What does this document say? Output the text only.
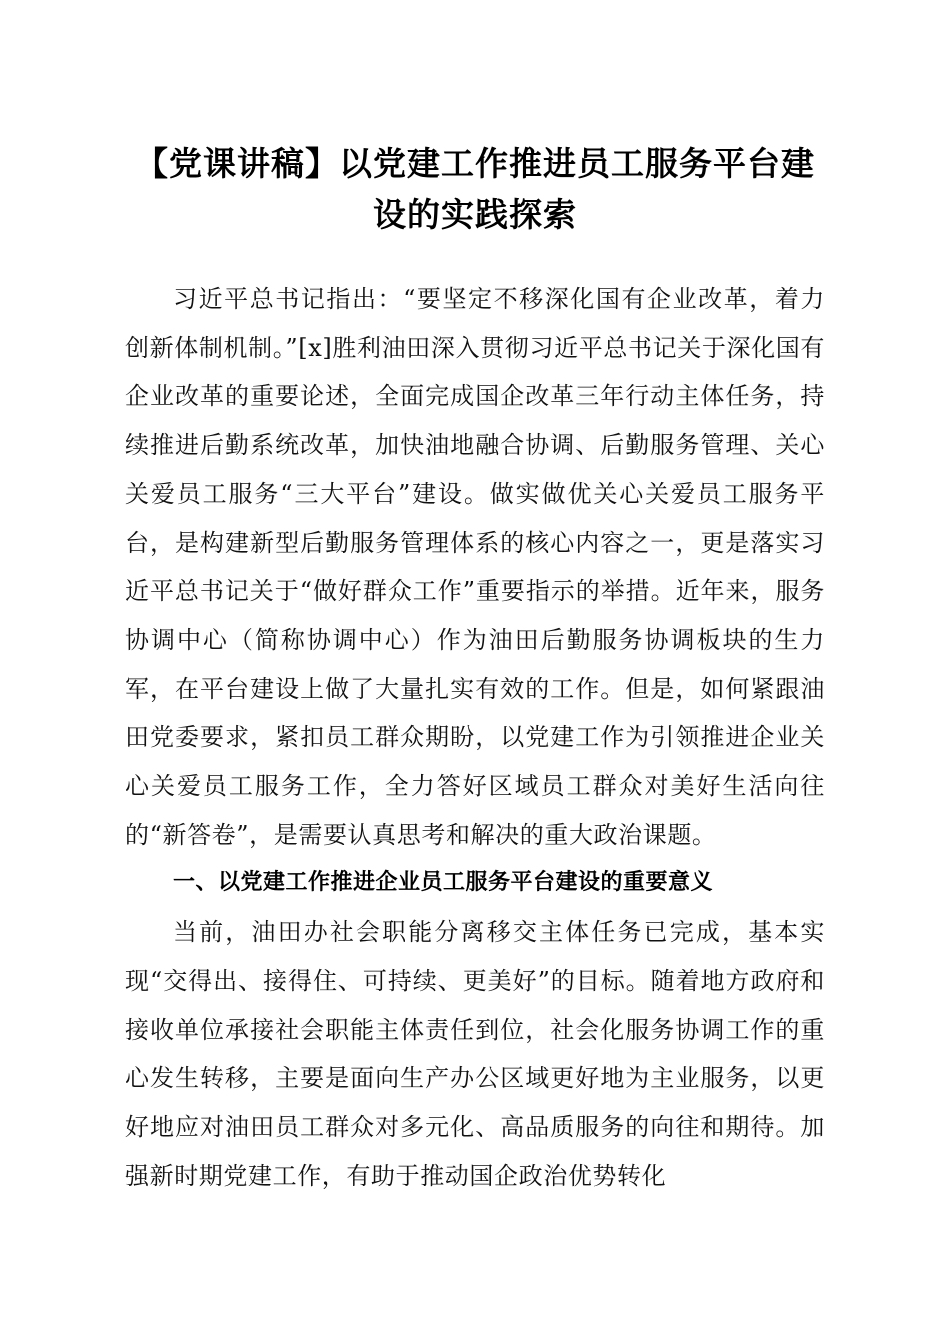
【党课讲稿】以党建工作推进员工服务平台建设的实践探索

习近平总书记指出：“要坚定不移深化国有企业改革，着力创新体制机制。”[x]胜利油田深入贯彻习近平总书记关于深化国有企业改革的重要论述，全面完成国企改革三年行动主体任务，持续推进后勤系统改革，加快油地融合协调、后勤服务管理、关心关爱员工服务“三大平台”建设。做实做优关心关爱员工服务平台，是构建新型后勤服务管理体系的核心内容之一，更是落实习近平总书记关于“做好群众工作”重要指示的举措。近年来，服务协调中心（简称协调中心）作为油田后勤服务协调板块的生力军，在平台建设上做了大量扎实有效的工作。但是，如何紧跟油田党委要求，紧扣员工群众期盼，以党建工作为引领推进企业关心关爱员工服务工作，全力答好区域员工群众对美好生活向往的“新答卷”，是需要认真思考和解决的重大政治课题。

一、以党建工作推进企业员工服务平台建设的重要意义

当前，油田办社会职能分离移交主体任务已完成，基本实现“交得出、接得住、可持续、更美好”的目标。随着地方政府和接收单位承接社会职能主体责任到位，社会化服务协调工作的重心发生转移，主要是面向生产办公区域更好地为主业服务，以更好地应对油田员工群众对多元化、高品质服务的向往和期待。加强新时期党建工作，有助于推动国企政治优势转化
